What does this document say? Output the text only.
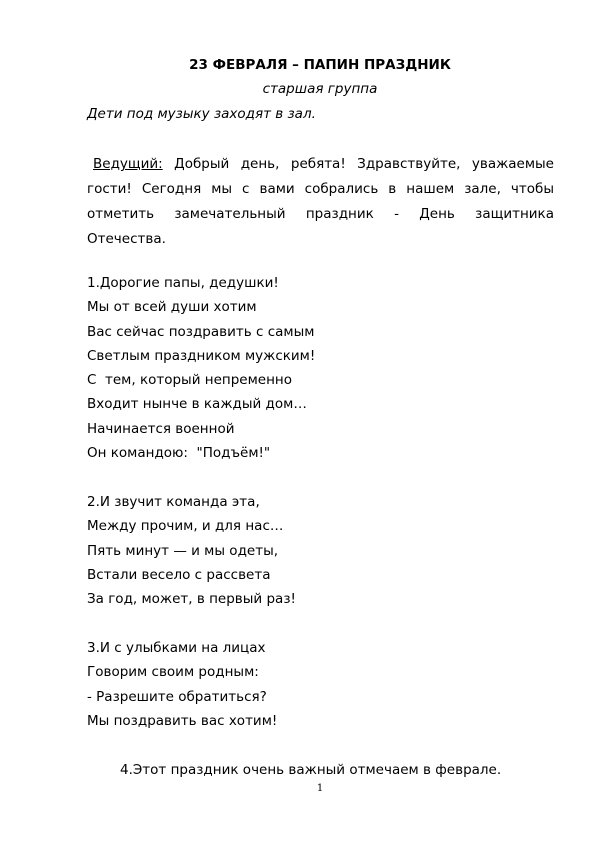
23 ФЕВРАЛЯ – ПАПИН ПРАЗДНИК
старшая группа
Дети под музыку заходят в зал.
Ведущий: Добрый день, ребята! Здравствуйте, уважаемые гости! Сегодня мы с вами собрались в нашем зале, чтобы отметить замечательный праздник - День защитника Отечества.
1.Дорогие папы, дедушки!
Мы от всей души хотим
Вас сейчас поздравить с самым
Светлым праздником мужским!
С  тем, который непременно
Входит нынче в каждый дом…
Начинается военной
Он командою:  "Подъём!"
2.И звучит команда эта,
Между прочим, и для нас…
Пять минут — и мы одеты,
Встали весело с рассвета
За год, может, в первый раз!
3.И с улыбками на лицах
Говорим своим родным:
- Разрешите обратиться?
Мы поздравить вас хотим!
4.Этот праздник очень важный отмечаем в феврале.
1
